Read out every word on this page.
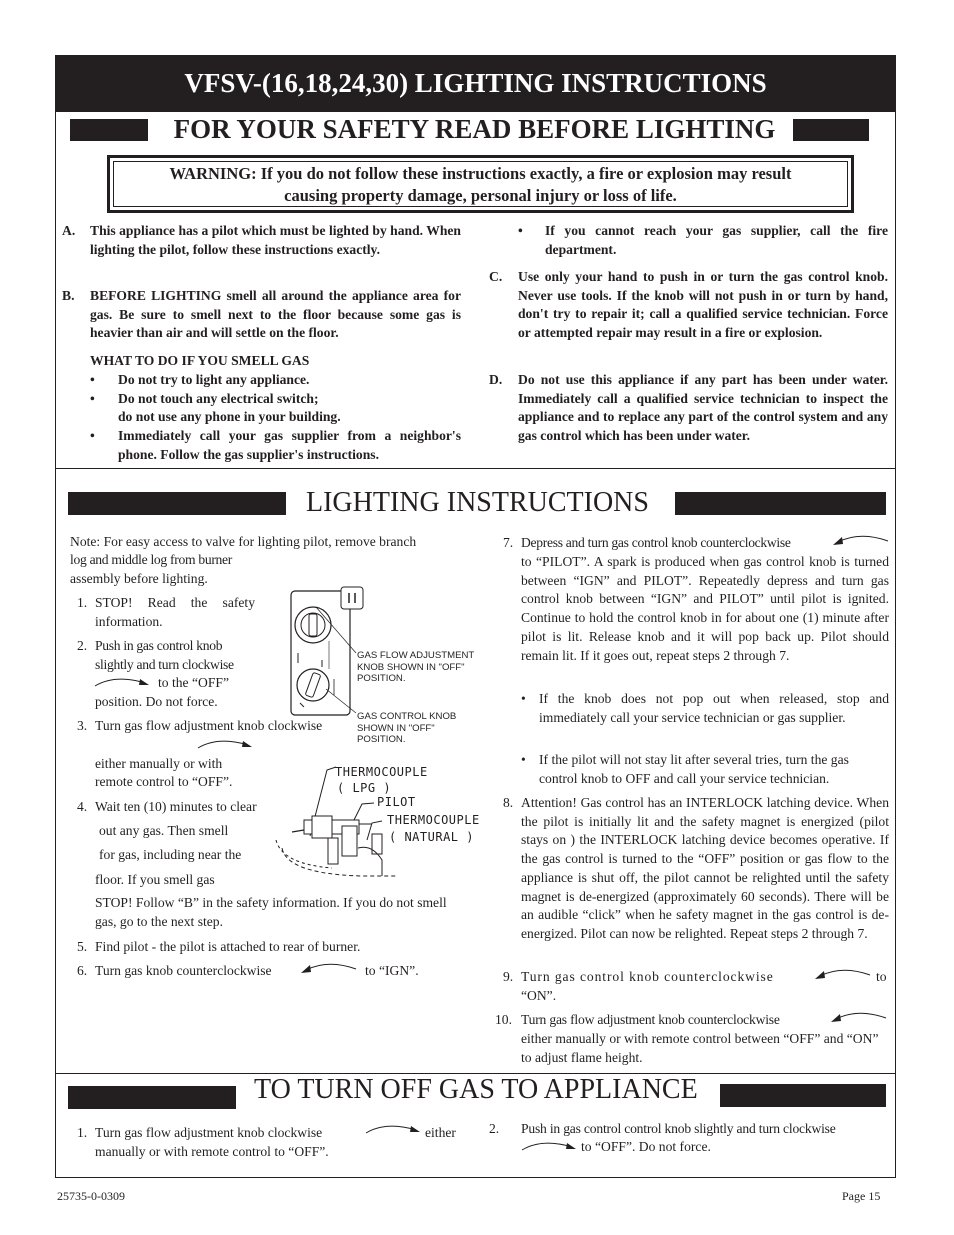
VFSV-(16,18,24,30) LIGHTING INSTRUCTIONS
FOR YOUR SAFETY READ BEFORE LIGHTING
WARNING: If you do not follow these instructions exactly, a fire or explosion may result
causing property damage, personal injury or loss of life.
A. This appliance has a pilot which must be lighted by hand. When lighting the pilot, follow these instructions exactly.
B. BEFORE LIGHTING smell all around the appliance area for gas. Be sure to smell next to the floor because some gas is heavier than air and will settle on the floor.
WHAT TO DO IF YOU SMELL GAS
• Do not try to light any appliance.
• Do not touch any electrical switch;
do not use any phone in your building.
• Immediately call your gas supplier from a neighbor's phone. Follow the gas supplier's instructions.
• If you cannot reach your gas supplier, call the fire department.
C. Use only your hand to push in or turn the gas control knob. Never use tools. If the knob will not push in or turn by hand, don't try to repair it; call a qualified service technician. Force or attempted repair may result in a fire or explosion.
D. Do not use this appliance if any part has been under water. Immediately call a qualified service technician to inspect the appliance and to replace any part of the control system and any gas control which has been under water.
LIGHTING INSTRUCTIONS
Note: For easy access to valve for lighting pilot, remove branch
log and middle log from burner
assembly before lighting.
1. STOP! Read the safety information.
2. Push in gas control knob slightly and turn clockwise
to the “OFF” position. Do not force.
3. Turn gas flow adjustment knob clockwise
either manually or with remote control to “OFF”.
4. Wait ten (10) minutes to clear
out any gas. Then smell
for gas, including near the
floor. If you smell gas
STOP! Follow “B” in the safety information. If you do not smell gas, go to the next step.
5. Find pilot - the pilot is attached to rear of burner.
6. Turn gas knob counterclockwise	to “IGN”.
GAS FLOW ADJUSTMENT KNOB SHOWN IN "OFF" POSITION.
GAS CONTROL KNOB SHOWN IN "OFF" POSITION.
THERMOCOUPLE
( LPG )
PILOT
THERMOCOUPLE
( NATURAL )
7. Depress and turn gas control knob counterclockwise
to “PILOT”. A spark is produced when gas control knob is turned between “IGN” and PILOT”. Repeatedly depress and turn gas control knob between “IGN” and PILOT” until pilot is ignited. Continue to hold the control knob in for about one (1) minute after pilot is lit. Release knob and it will pop back up. Pilot should remain lit. If it goes out, repeat steps 2 through 7.
• If the knob does not pop out when released, stop and immediately call your service technician or gas supplier.
• If the pilot will not stay lit after several tries, turn the gas control knob to OFF and call your service technician.
8. Attention! Gas control has an INTERLOCK latching device. When the pilot is initially lit and the safety magnet is energized (pilot stays on ) the INTERLOCK latching device becomes operative. If the gas control is turned to the “OFF” position or gas flow to the appliance is shut off, the pilot cannot be relighted until the safety magnet is de-energized (approximately 60 seconds). There will be an audible “click” when he safety magnet in the gas control is de-energized. Pilot can now be relighted. Repeat steps 2 through 7.
9. Turn gas control knob counterclockwise	to
“ON”.
10. Turn gas flow adjustment knob counterclockwise
either manually or with remote control between “OFF” and “ON” to adjust flame height.
TO TURN OFF GAS TO APPLIANCE
1. Turn gas flow adjustment knob clockwise	either
manually or with remote control to “OFF”.
2. Push in gas control control knob slightly and turn clockwise
to “OFF”. Do not force.
25735-0-0309	Page 15
